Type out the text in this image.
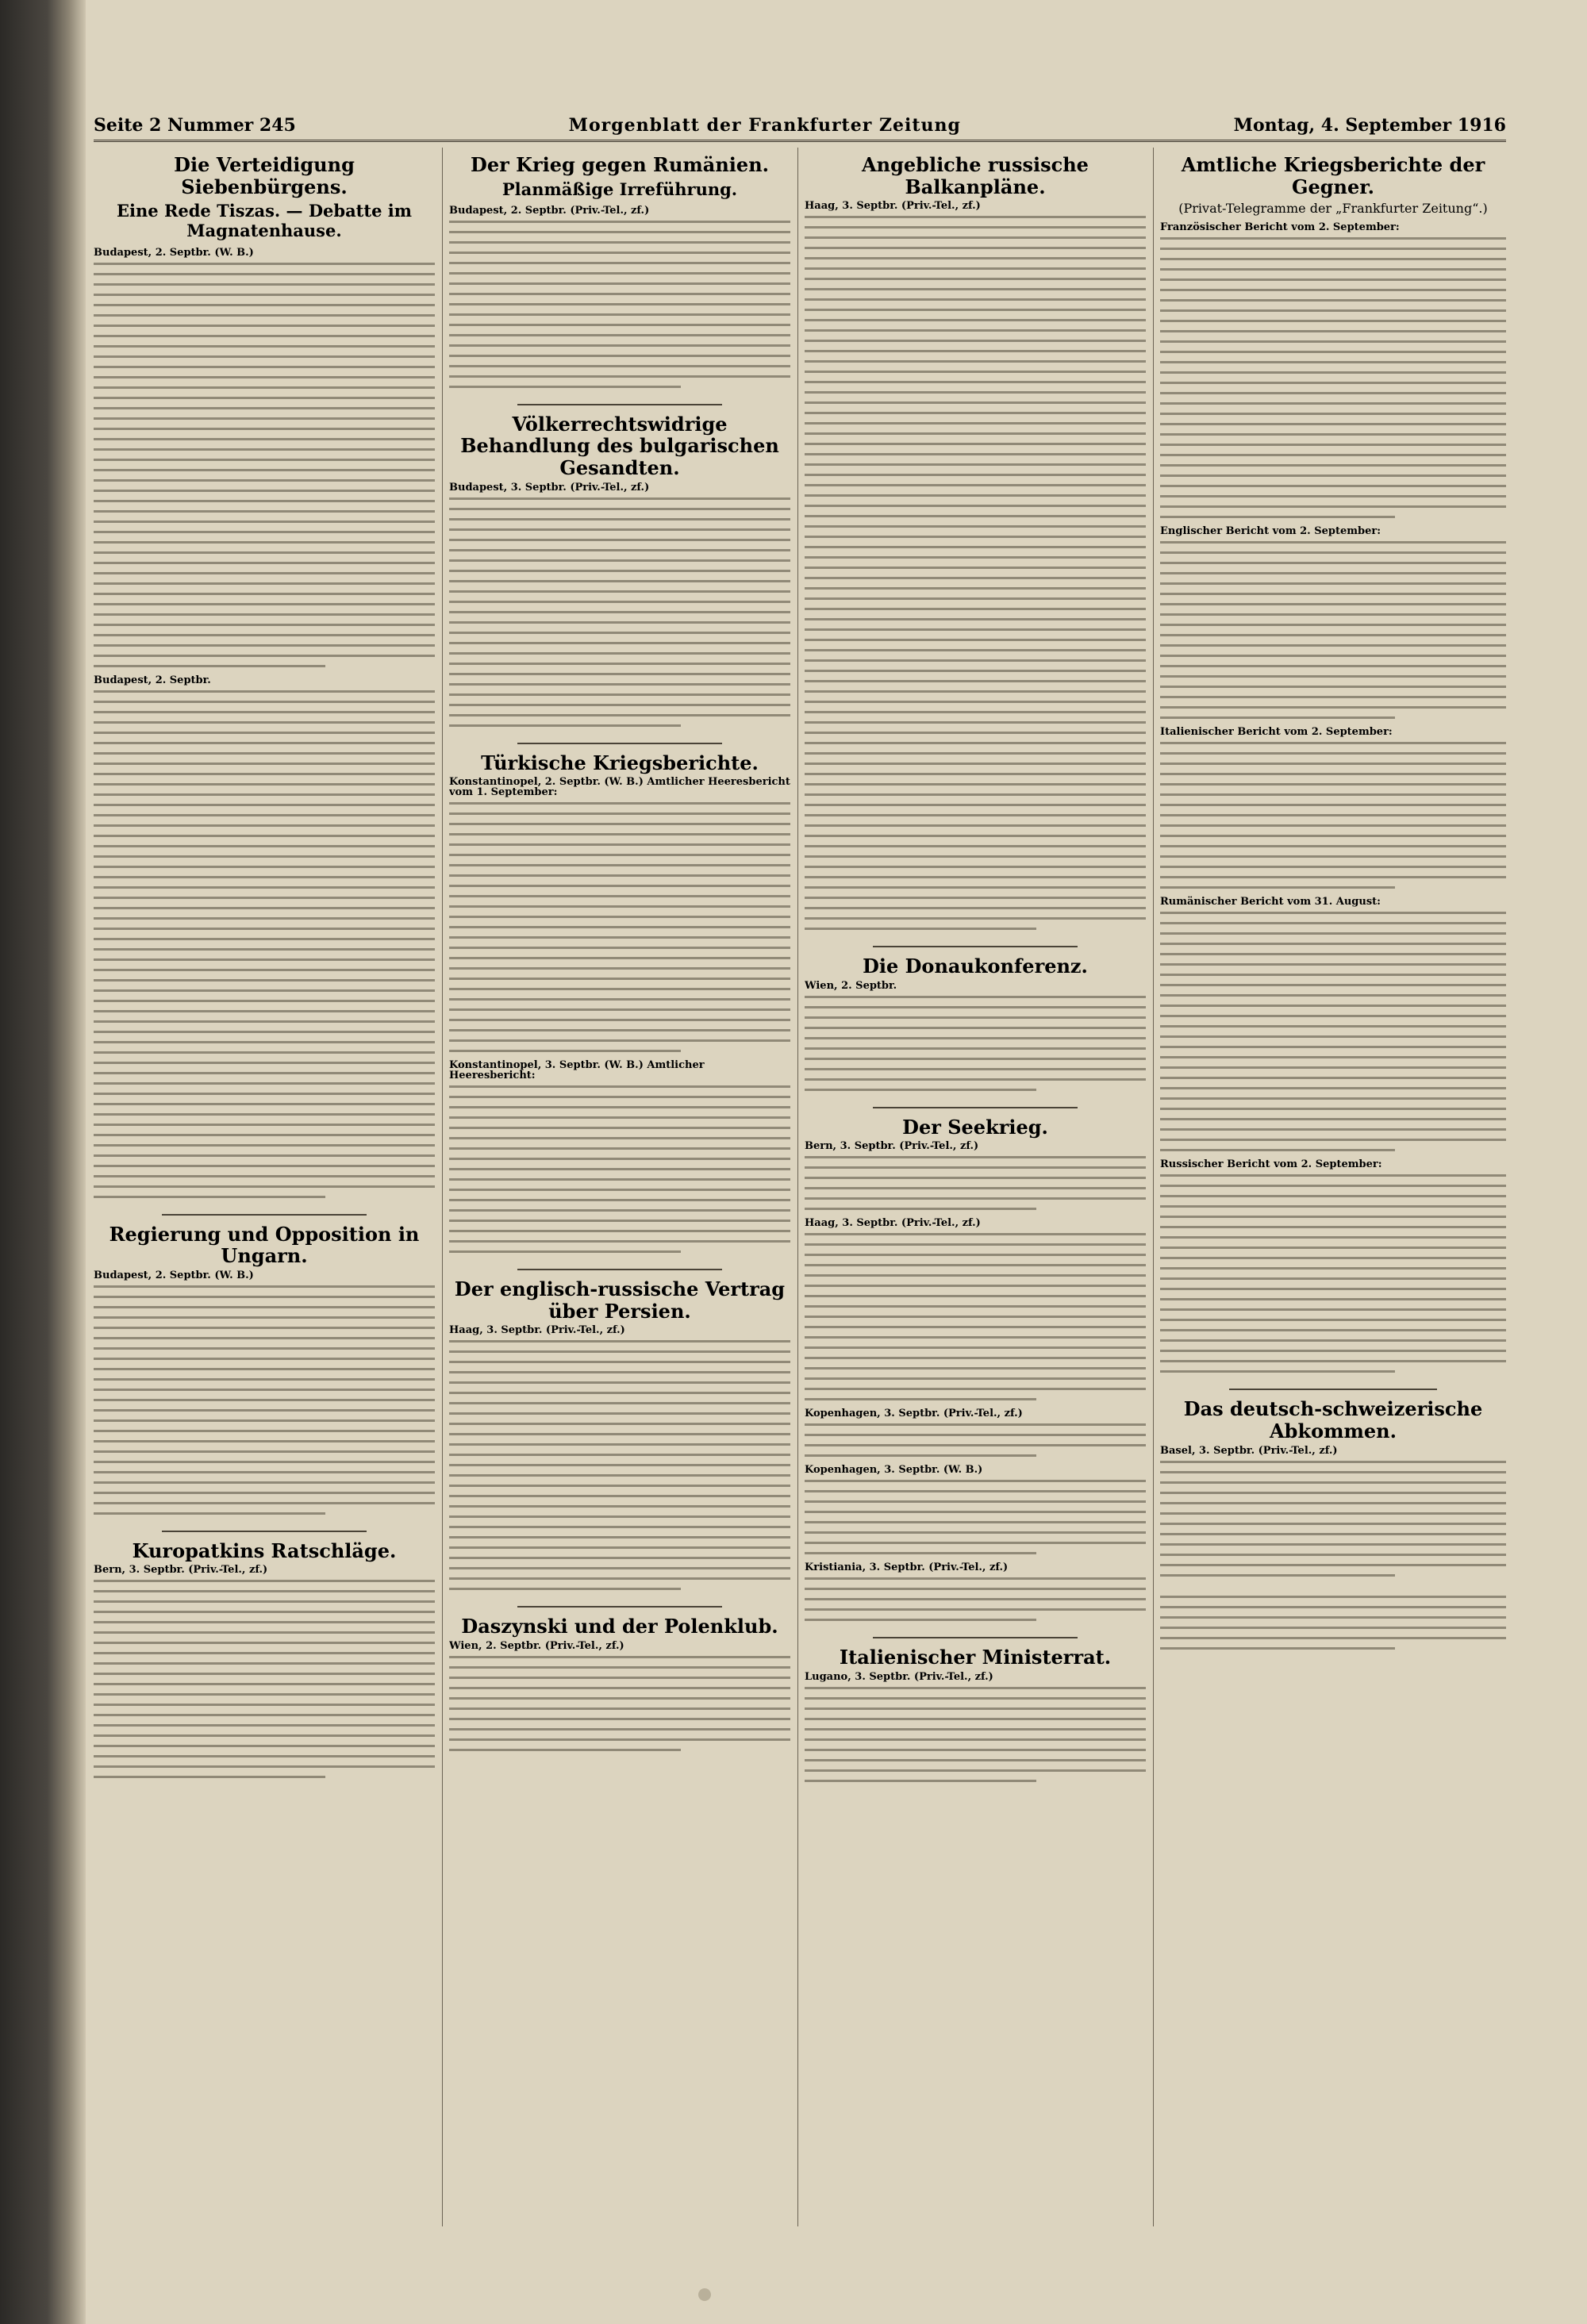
Seite 2 Nummer 245	Morgenblatt der Frankfurter Zeitung	Montag, 4. September 1916
Die Verteidigung Siebenbürgens.
Eine Rede Tiszas. — Debatte im Magnatenhause.
Budapest, 2. Septbr. (W. B.)
Budapest, 2. Septbr.
Regierung und Opposition in Ungarn.
Budapest, 2. Septbr. (W. B.)
Kuropatkins Ratschläge.
Bern, 3. Septbr. (Priv.-Tel., zf.)
Der Krieg gegen Rumänien.
Planmäßige Irreführung.
Budapest, 2. Septbr. (Priv.-Tel., zf.)
Völkerrechtswidrige Behandlung des bulgarischen Gesandten.
Budapest, 3. Septbr. (Priv.-Tel., zf.)
Türkische Kriegsberichte.
Konstantinopel, 2. Septbr. (W. B.) Amtlicher Heeresbericht vom 1. September:
Konstantinopel, 3. Septbr. (W. B.) Amtlicher Heeresbericht:
Der englisch-russische Vertrag über Persien.
Haag, 3. Septbr. (Priv.-Tel., zf.)
Daszynski und der Polenklub.
Wien, 2. Septbr. (Priv.-Tel., zf.)
Angebliche russische Balkanpläne.
Haag, 3. Septbr. (Priv.-Tel., zf.)
Die Donaukonferenz.
Wien, 2. Septbr.
Der Seekrieg.
Bern, 3. Septbr. (Priv.-Tel., zf.)
Haag, 3. Septbr. (Priv.-Tel., zf.)
Kopenhagen, 3. Septbr. (Priv.-Tel., zf.)
Kopenhagen, 3. Septbr. (W. B.)
Kristiania, 3. Septbr. (Priv.-Tel., zf.)
Italienischer Ministerrat.
Lugano, 3. Septbr. (Priv.-Tel., zf.)
Amtliche Kriegsberichte der Gegner.
(Privat-Telegramme der „Frankfurter Zeitung“.)
Französischer Bericht vom 2. September:
Englischer Bericht vom 2. September:
Italienischer Bericht vom 2. September:
Rumänischer Bericht vom 31. August:
Russischer Bericht vom 2. September:
Das deutsch-schweizerische Abkommen.
Basel, 3. Septbr. (Priv.-Tel., zf.)
